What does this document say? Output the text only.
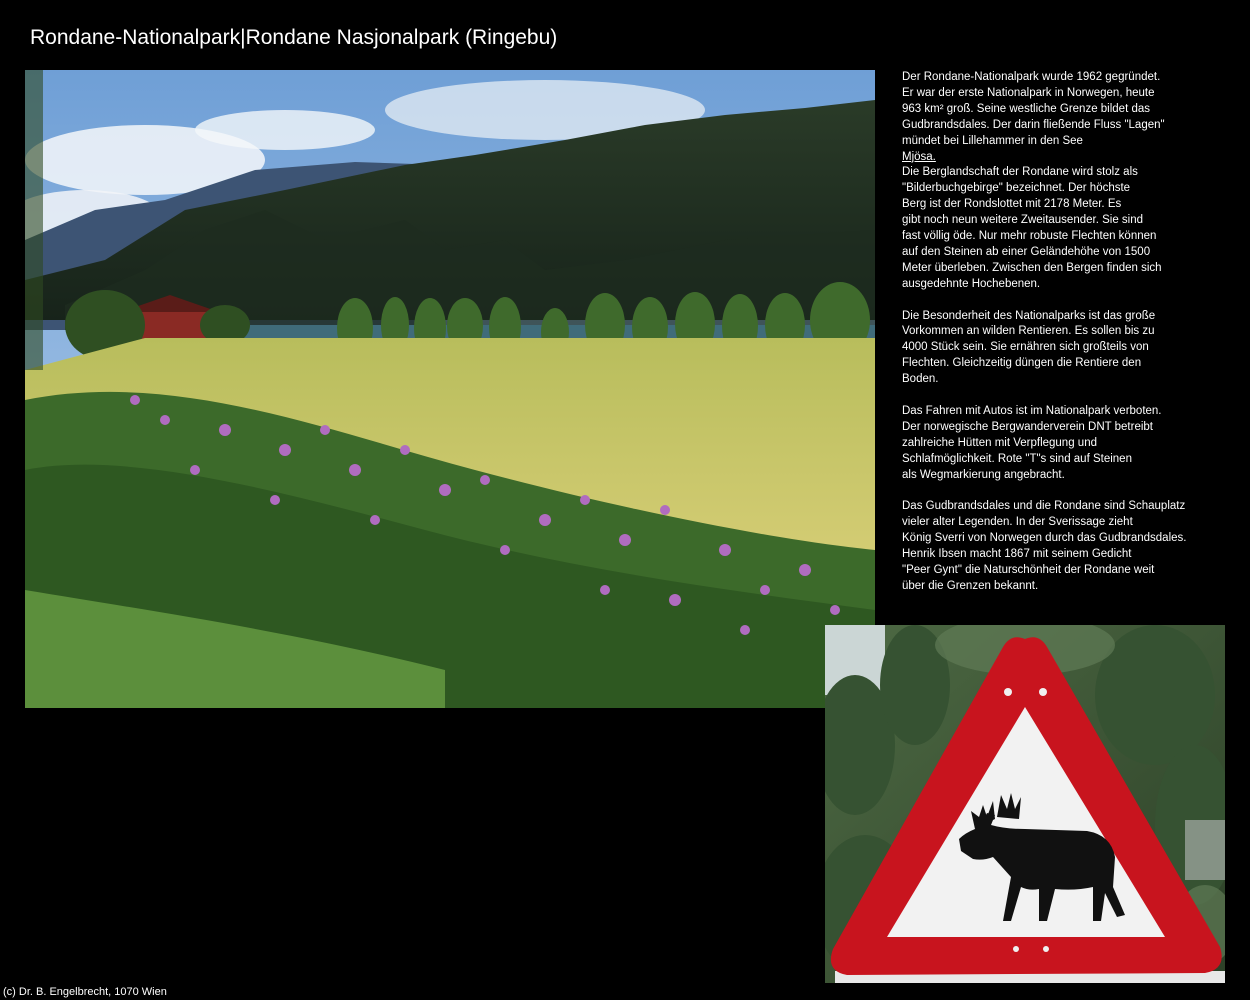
Rondane-Nationalpark|Rondane Nasjonalpark (Ringebu)
Der Rondane-Nationalpark wurde 1962 gegründet.
Er war der erste Nationalpark in Norwegen, heute
963 km² groß. Seine westliche Grenze bildet das
Gudbrandsdales. Der darin fließende Fluss "Lagen"
mündet bei Lillehammer in den See
Mjösa.
Die Berglandschaft der Rondane wird stolz als
"Bilderbuchgebirge" bezeichnet. Der höchste
Berg ist der Rondslottet mit 2178 Meter. Es
gibt noch neun weitere Zweitausender. Sie sind
fast völlig öde. Nur mehr robuste Flechten können
auf den Steinen ab einer Geländehöhe von 1500
Meter überleben. Zwischen den Bergen finden sich
ausgedehnte Hochebenen.
Die Besonderheit des Nationalparks ist das große
Vorkommen an wilden Rentieren. Es sollen bis zu
4000 Stück sein. Sie ernähren sich großteils von
Flechten. Gleichzeitig düngen die Rentiere den
Boden.
Das Fahren mit Autos ist im Nationalpark verboten.
Der norwegische Bergwanderverein DNT betreibt
zahlreiche Hütten mit Verpflegung und
Schlafmöglichkeit. Rote "T"s sind auf Steinen
als Wegmarkierung angebracht.
Das Gudbrandsdales und die Rondane sind Schauplatz
vieler alter Legenden. In der Sverissage zieht
König Sverri von Norwegen durch das Gudbrandsdales.
Henrik Ibsen macht 1867 mit seinem Gedicht
"Peer Gynt" die Naturschönheit der Rondane weit
über die Grenzen bekannt.
(c) Dr. B. Engelbrecht, 1070 Wien
